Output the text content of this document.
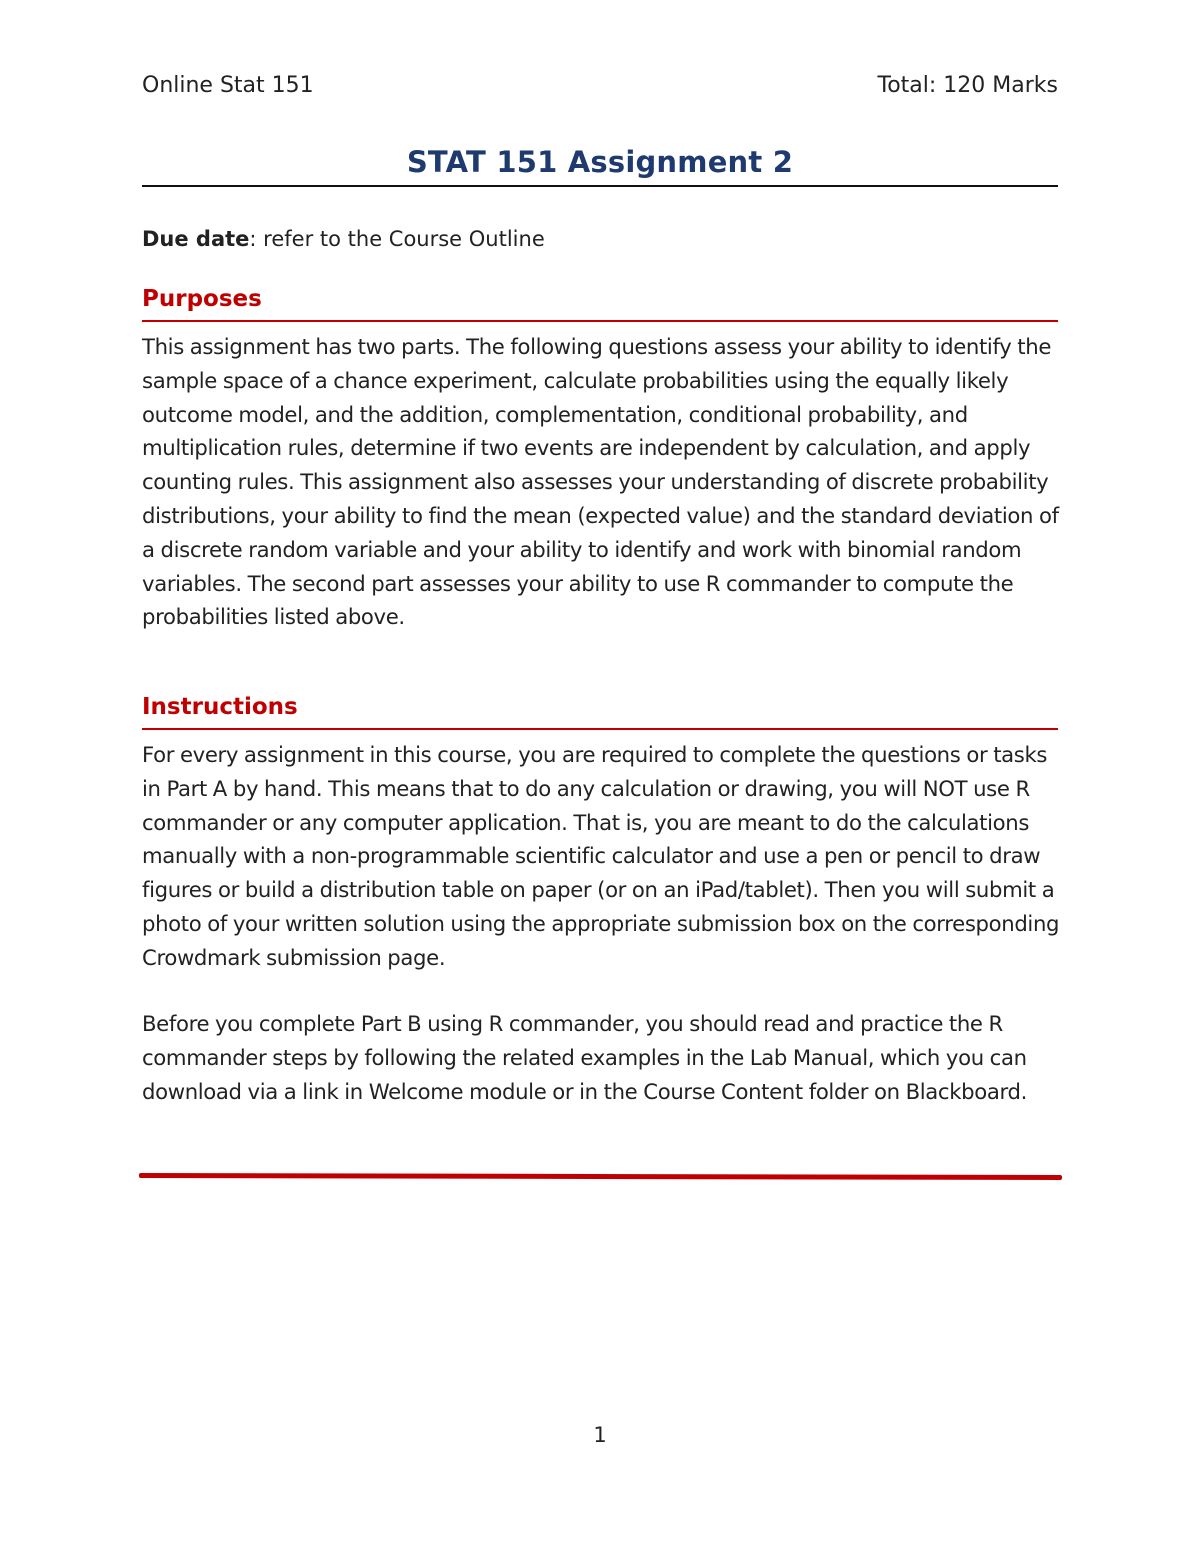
Online Stat 151	Total: 120 Marks
STAT 151 Assignment 2
Due date: refer to the Course Outline
Purposes

This assignment has two parts. The following questions assess your ability to identify the sample space of a chance experiment, calculate probabilities using the equally likely outcome model, and the addition, complementation, conditional probability, and multiplication rules, determine if two events are independent by calculation, and apply counting rules. This assignment also assesses your understanding of discrete probability distributions, your ability to find the mean (expected value) and the standard deviation of a discrete random variable and your ability to identify and work with binomial random variables. The second part assesses your ability to use R commander to compute the probabilities listed above.

Instructions

For every assignment in this course, you are required to complete the questions or tasks in Part A by hand. This means that to do any calculation or drawing, you will NOT use R commander or any computer application. That is, you are meant to do the calculations manually with a non-programmable scientific calculator and use a pen or pencil to draw figures or build a distribution table on paper (or on an iPad/tablet). Then you will submit a photo of your written solution using the appropriate submission box on the corresponding Crowdmark submission page.

Before you complete Part B using R commander, you should read and practice the R commander steps by following the related examples in the Lab Manual, which you can download via a link in Welcome module or in the Course Content folder on Blackboard.

1
